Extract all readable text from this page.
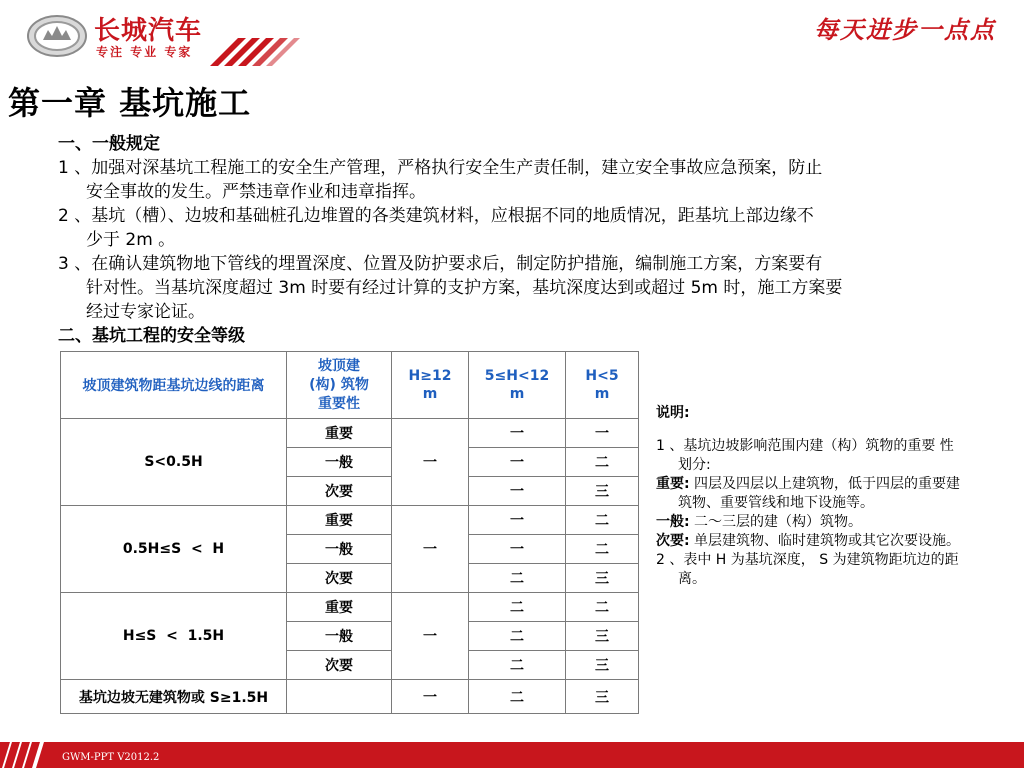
长城汽车
专注 专业 专家
每天进步一点点
第一章 基坑施工
一、一般规定
1 、加强对深基坑工程施工的安全生产管理，严格执行安全生产责任制，建立安全事故应急预案，防止
安全事故的发生。严禁违章作业和违章指挥。
2 、基坑（槽）、边坡和基础桩孔边堆置的各类建筑材料，应根据不同的地质情况，距基坑上部边缘不
少于 2m 。
3 、在确认建筑物地下管线的埋置深度、位置及防护要求后，制定防护措施，编制施工方案，方案要有
针对性。当基坑深度超过 3m 时要有经过计算的支护方案，基坑深度达到或超过 5m 时，施工方案要
经过专家论证。
二、基坑工程的安全等级
坡顶建筑物距基坑边线的距离	坡顶建
(构) 筑物
重要性	H≥12
m	5≤H<12
m	H<5
m
S<0.5H	重要	一	一	一
	一般		一	二
	次要		一	三
0.5H≤S  <  H	重要	一	一	二
	一般		一	二
	次要		二	三
H≤S  <  1.5H	重要	一	二	二
	一般		二	三
	次要		二	三
基坑边坡无建筑物或 S≥1.5H		一	二	三
说明:
1 、基坑边坡影响范围内建（构）筑物的重要 性
划分:
重要: 四层及四层以上建筑物，低于四层的重要建
筑物、重要管线和地下设施等。
一般: 二～三层的建（构）筑物。
次要: 单层建筑物、临时建筑物或其它次要设施。
2 、表中 H 为基坑深度， S 为建筑物距坑边的距
离。
GWM-PPT V2012.2
